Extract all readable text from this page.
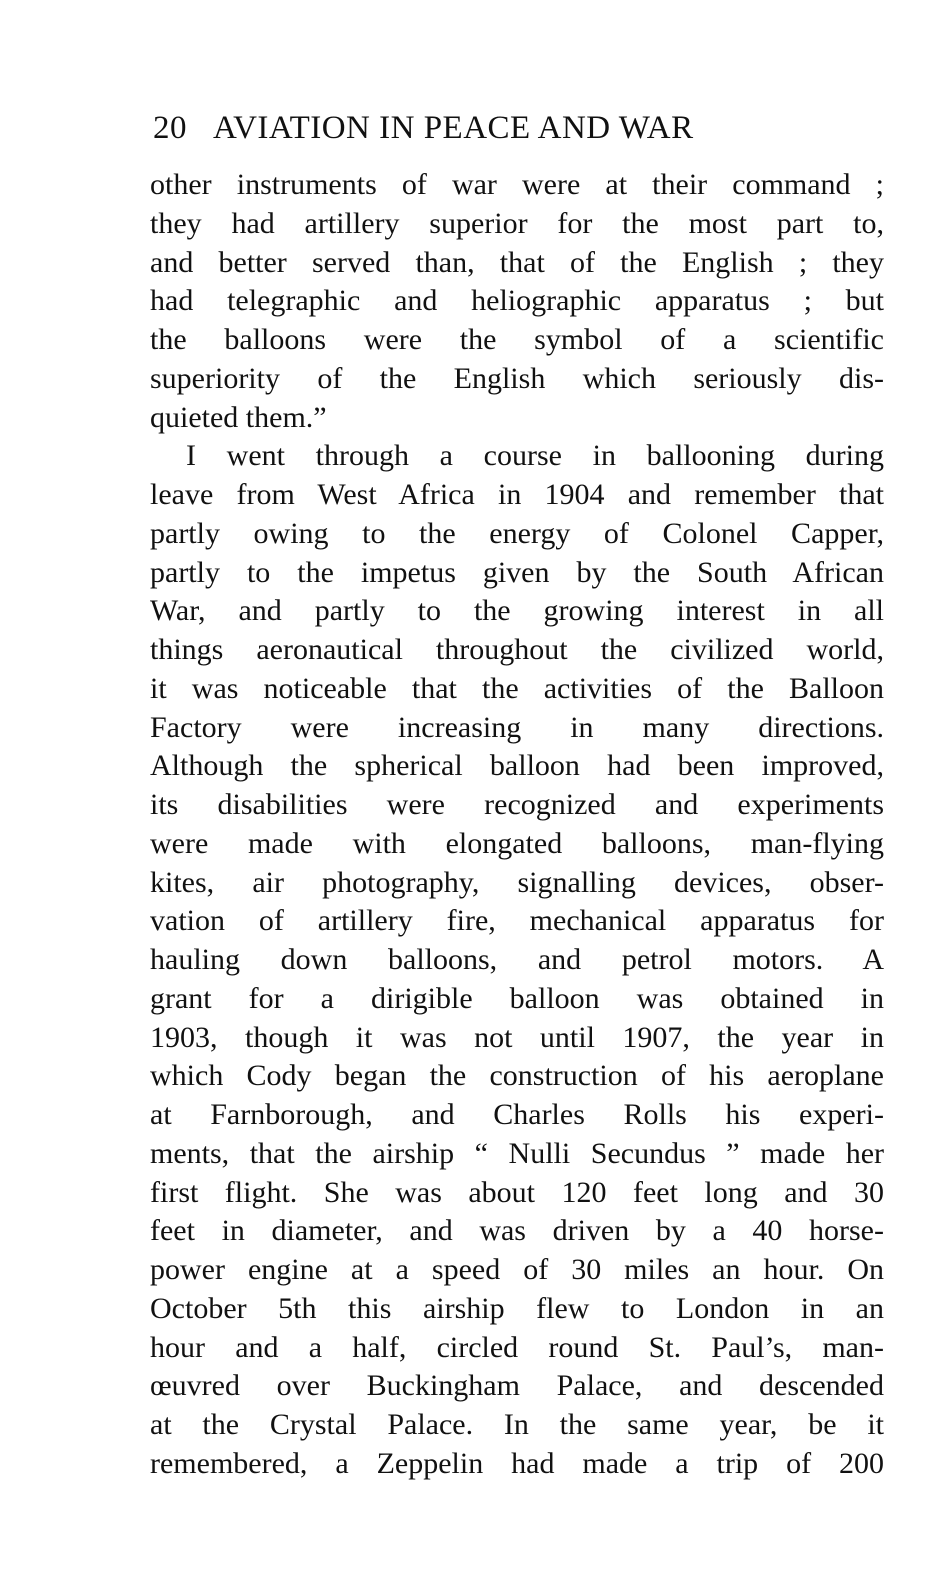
20 AVIATION IN PEACE AND WAR
other instruments of war were at their command ;
they had artillery superior for the most part to,
and better served than, that of the English ; they
had telegraphic and heliographic apparatus ; but
the balloons were the symbol of a scientific
superiority of the English which seriously dis-
quieted them.”
I went through a course in ballooning during
leave from West Africa in 1904 and remember that
partly owing to the energy of Colonel Capper,
partly to the impetus given by the South African
War, and partly to the growing interest in all
things aeronautical throughout the civilized world,
it was noticeable that the activities of the Balloon
Factory were increasing in many directions.
Although the spherical balloon had been improved,
its disabilities were recognized and experiments
were made with elongated balloons, man-flying
kites, air photography, signalling devices, obser-
vation of artillery fire, mechanical apparatus for
hauling down balloons, and petrol motors. A
grant for a dirigible balloon was obtained in
1903, though it was not until 1907, the year in
which Cody began the construction of his aeroplane
at Farnborough, and Charles Rolls his experi-
ments, that the airship “ Nulli Secundus ” made her
first flight. She was about 120 feet long and 30
feet in diameter, and was driven by a 40 horse-
power engine at a speed of 30 miles an hour. On
October 5th this airship flew to London in an
hour and a half, circled round St. Paul’s, man-
œuvred over Buckingham Palace, and descended
at the Crystal Palace. In the same year, be it
remembered, a Zeppelin had made a trip of 200
